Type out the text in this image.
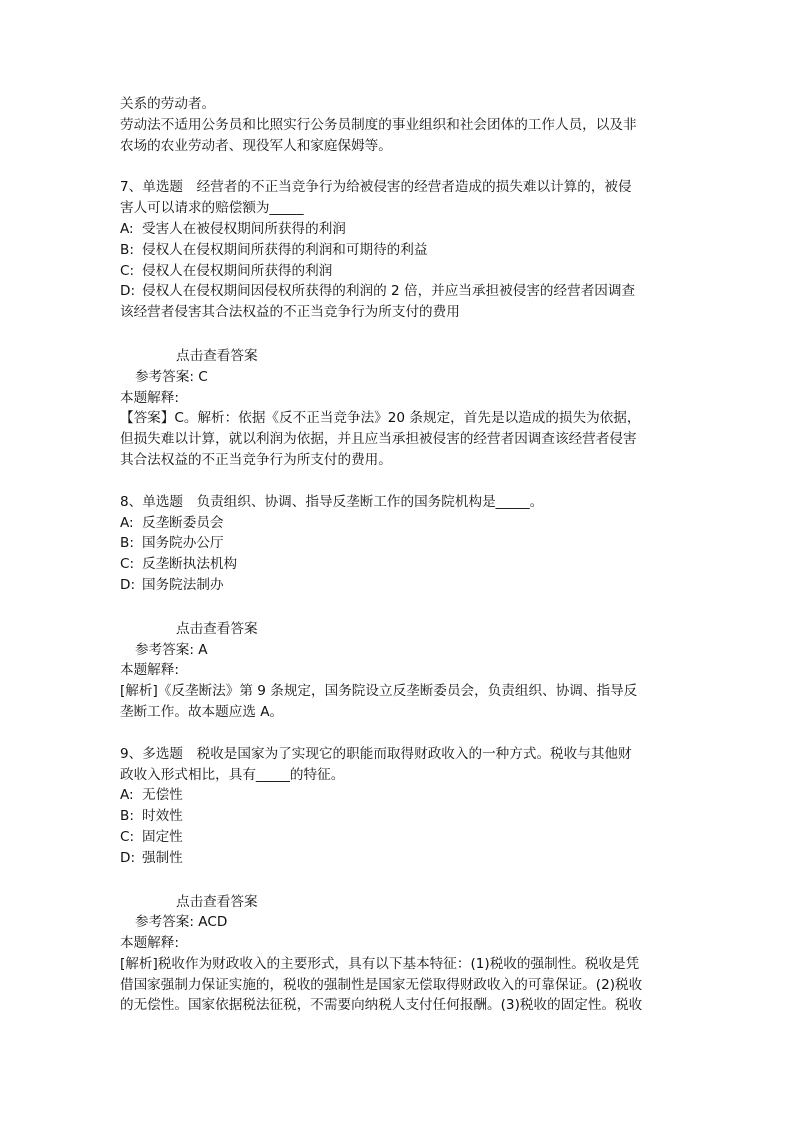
关系的劳动者。
劳动法不适用公务员和比照实行公务员制度的事业组织和社会团体的工作人员，以及非
农场的农业劳动者、现役军人和家庭保姆等。
7、单选题　经营者的不正当竞争行为给被侵害的经营者造成的损失难以计算的，被侵
害人可以请求的赔偿额为_____
A: 受害人在被侵权期间所获得的利润
B: 侵权人在侵权期间所获得的利润和可期待的利益
C: 侵权人在侵权期间所获得的利润
D: 侵权人在侵权期间因侵权所获得的利润的 2 倍，并应当承担被侵害的经营者因调查
该经营者侵害其合法权益的不正当竞争行为所支付的费用
点击查看答案
参考答案: C
本题解释:
【答案】C。解析：依据《反不正当竞争法》20 条规定，首先是以造成的损失为依据，
但损失难以计算，就以利润为依据，并且应当承担被侵害的经营者因调查该经营者侵害
其合法权益的不正当竞争行为所支付的费用。
8、单选题　负责组织、协调、指导反垄断工作的国务院机构是_____。
A: 反垄断委员会
B: 国务院办公厅
C: 反垄断执法机构
D: 国务院法制办
点击查看答案
参考答案: A
本题解释:
[解析]《反垄断法》第 9 条规定，国务院设立反垄断委员会，负责组织、协调、指导反
垄断工作。故本题应选 A。
9、多选题　税收是国家为了实现它的职能而取得财政收入的一种方式。税收与其他财
政收入形式相比，具有_____的特征。
A: 无偿性
B: 时效性
C: 固定性
D: 强制性
点击查看答案
参考答案: ACD
本题解释:
[解析]税收作为财政收入的主要形式，具有以下基本特征：(1)税收的强制性。税收是凭
借国家强制力保证实施的，税收的强制性是国家无偿取得财政收入的可靠保证。(2)税收
的无偿性。国家依据税法征税，不需要向纳税人支付任何报酬。(3)税收的固定性。税收
